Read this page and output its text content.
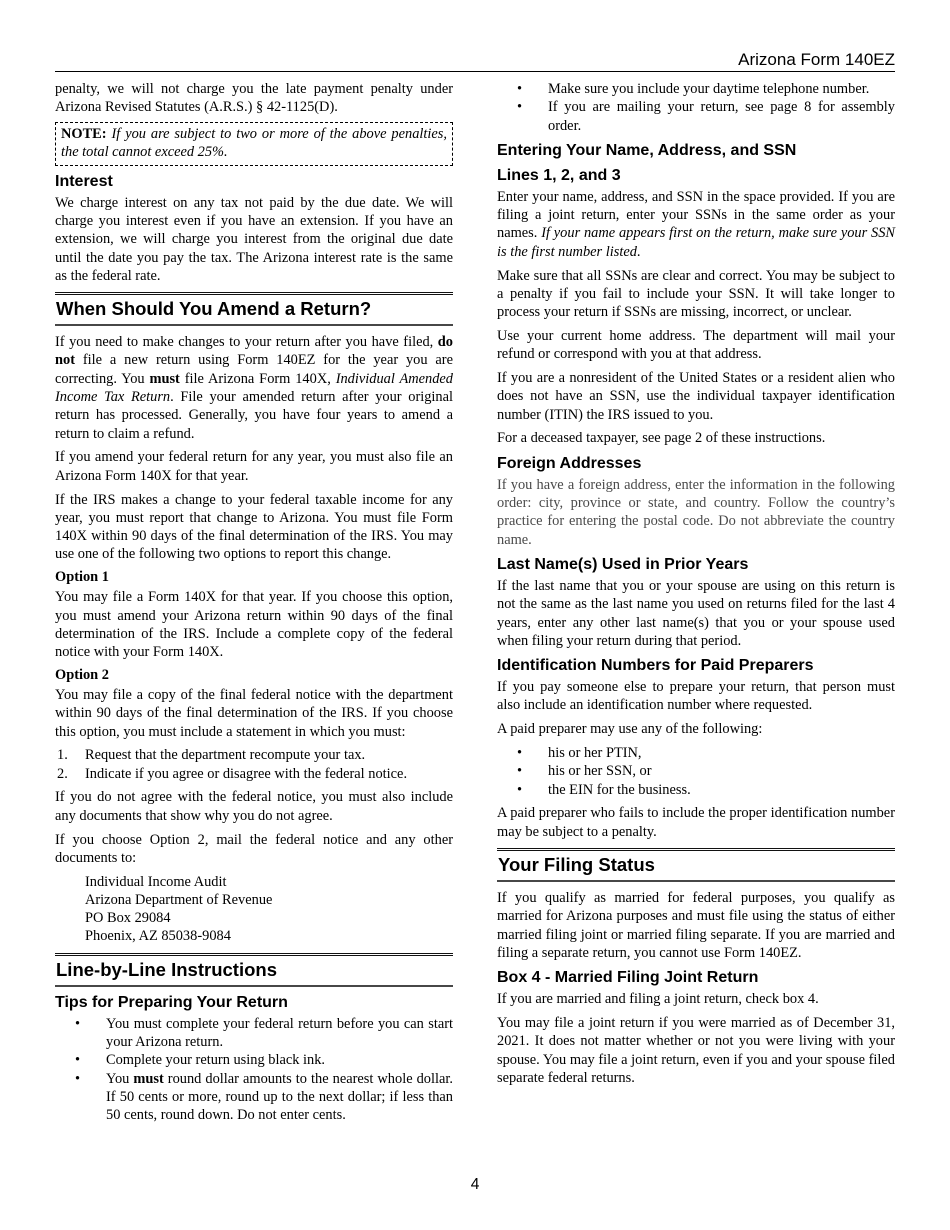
Arizona Form 140EZ
penalty, we will not charge you the late payment penalty under Arizona Revised Statutes (A.R.S.) § 42-1125(D).
NOTE: If you are subject to two or more of the above penalties, the total cannot exceed 25%.
Interest
We charge interest on any tax not paid by the due date. We will charge you interest even if you have an extension. If you have an extension, we will charge you interest from the original due date until the date you pay the tax. The Arizona interest rate is the same as the federal rate.
When Should You Amend a Return?
If you need to make changes to your return after you have filed, do not file a new return using Form 140EZ for the year you are correcting. You must file Arizona Form 140X, Individual Amended Income Tax Return. File your amended return after your original return has processed. Generally, you have four years to amend a return to claim a refund.
If you amend your federal return for any year, you must also file an Arizona Form 140X for that year.
If the IRS makes a change to your federal taxable income for any year, you must report that change to Arizona. You must file Form 140X within 90 days of the final determination of the IRS. You may use one of the following two options to report this change.
Option 1
You may file a Form 140X for that year. If you choose this option, you must amend your Arizona return within 90 days of the final determination of the IRS. Include a complete copy of the federal notice with your Form 140X.
Option 2
You may file a copy of the final federal notice with the department within 90 days of the final determination of the IRS. If you choose this option, you must include a statement in which you must:
1. Request that the department recompute your tax.
2. Indicate if you agree or disagree with the federal notice.
If you do not agree with the federal notice, you must also include any documents that show why you do not agree.
If you choose Option 2, mail the federal notice and any other documents to:
Individual Income Audit
Arizona Department of Revenue
PO Box 29084
Phoenix, AZ 85038-9084
Line-by-Line Instructions
Tips for Preparing Your Return
• You must complete your federal return before you can start your Arizona return.
• Complete your return using black ink.
• You must round dollar amounts to the nearest whole dollar. If 50 cents or more, round up to the next dollar; if less than 50 cents, round down. Do not enter cents.
• Make sure you include your daytime telephone number.
• If you are mailing your return, see page 8 for assembly order.
Entering Your Name, Address, and SSN
Lines 1, 2, and 3
Enter your name, address, and SSN in the space provided. If you are filing a joint return, enter your SSNs in the same order as your names. If your name appears first on the return, make sure your SSN is the first number listed.
Make sure that all SSNs are clear and correct. You may be subject to a penalty if you fail to include your SSN. It will take longer to process your return if SSNs are missing, incorrect, or unclear.
Use your current home address. The department will mail your refund or correspond with you at that address.
If you are a nonresident of the United States or a resident alien who does not have an SSN, use the individual taxpayer identification number (ITIN) the IRS issued to you.
For a deceased taxpayer, see page 2 of these instructions.
Foreign Addresses
If you have a foreign address, enter the information in the following order: city, province or state, and country. Follow the country’s practice for entering the postal code. Do not abbreviate the country name.
Last Name(s) Used in Prior Years
If the last name that you or your spouse are using on this return is not the same as the last name you used on returns filed for the last 4 years, enter any other last name(s) that you or your spouse used when filing your return during that period.
Identification Numbers for Paid Preparers
If you pay someone else to prepare your return, that person must also include an identification number where requested.
A paid preparer may use any of the following:
• his or her PTIN,
• his or her SSN, or
• the EIN for the business.
A paid preparer who fails to include the proper identification number may be subject to a penalty.
Your Filing Status
If you qualify as married for federal purposes, you qualify as married for Arizona purposes and must file using the status of either married filing joint or married filing separate. If you are married and filing a separate return, you cannot use Form 140EZ.
Box 4 - Married Filing Joint Return
If you are married and filing a joint return, check box 4.
You may file a joint return if you were married as of December 31, 2021. It does not matter whether or not you were living with your spouse. You may file a joint return, even if you and your spouse filed separate federal returns.
4
